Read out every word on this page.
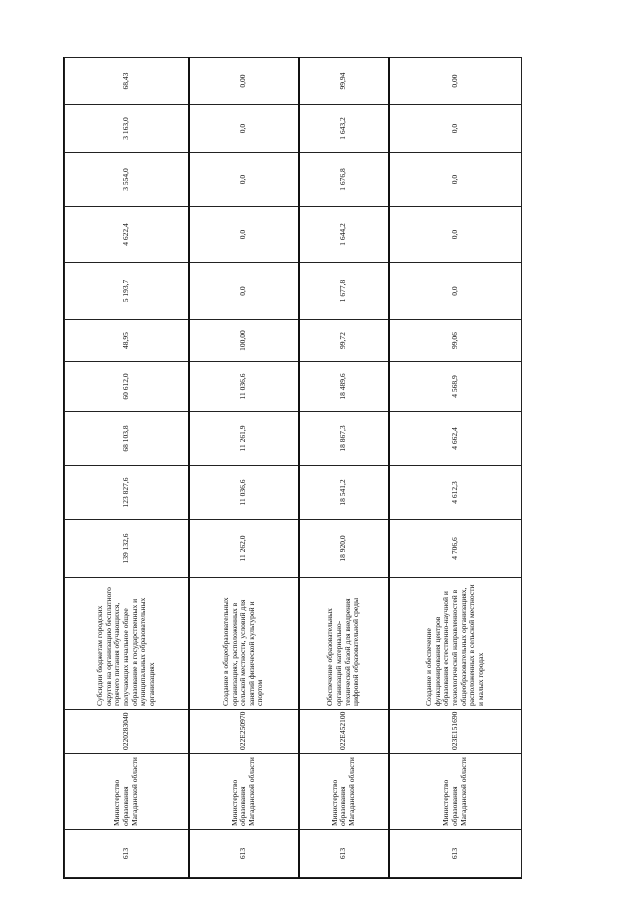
613	Министерство образования Магаданской области	0220283040	Субсидии бюджетам городских округов на организацию бесплатного горячего питания обучающихся, получающих начальное общее образование в государственных и муниципальных образовательных организациях	139 132,6	123 827,6	68 103,8	60 612,0	48,95	5 193,7	4 622,4	3 554,0	3 163,0	68,43
613	Министерство образования Магаданской области	022E250970	Создание в общеобразовательных организациях, расположенных в сельской местности, условий для занятий физической культурой и спортом	11 262,0	11 036,6	11 261,9	11 036,6	100,00	0,0	0,0	0,0	0,0	0,00
613	Министерство образования Магаданской области	022E452100	Обеспечение образовательных организаций материально-технической базой для внедрения цифровой образовательной среды	18 920,0	18 541,2	18 867,3	18 489,6	99,72	1 677,8	1 644,2	1 676,8	1 643,2	99,94
613	Министерство образования Магаданской области	023E151690	Создание и обеспечение функционирования центров образования естественно-научной и технологической направленностей в общеобразовательных организациях, расположенных в сельской местности и малых городах	4 706,6	4 612,3	4 662,4	4 568,9	99,06	0,0	0,0	0,0	0,0	0,00
